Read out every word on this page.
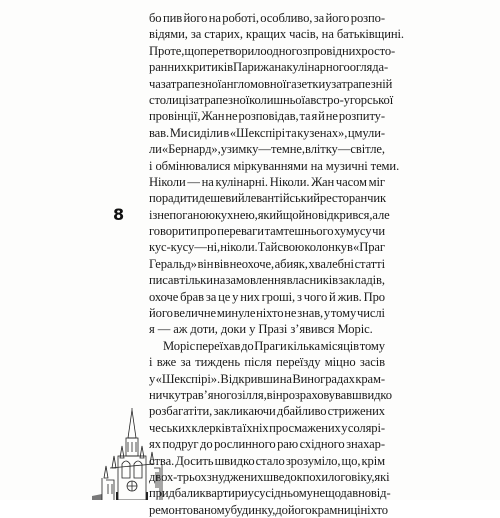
8
бо пив його на роботі, особливо, за його розпо-
відями, за старих, кращих часів, на батьківщині.
Про те, що перетворило одного з провідних росто-
ранних критиків Парижа на кулінарного огляда-
ча затрапезної англомовної газетки у затрапезній
столиці затрапезної колишньої австро-угорської
провінції, Жан не розповідав, та я й не розпиту-
вав. Ми сиділи в «Шекспірі та кузенах», цмули-
ли «Бернард», узимку — темне, влітку — світле,
і обмінювалися міркуваннями на музичні теми.
Ніколи — на кулінарні. Ніколи. Жан часом міг
порадити дешевий левантійський ресторанчик
із непоганою кухнею, який щойно відкрився, але
говорити про переваги тамтешнього хумусу чи
кус-кусу — ні, ніколи. Та й свою колонку в «Праг
Геральд» він вів неохоче, абияк, хвалебні статті
писав тільки на замовлення власників закладів,
охоче брав за це у них гроші, з чого й жив. Про
його величне минуле ніхто не знав, у тому числі
я — аж доти, доки у Празі з’явився Моріс.
Моріс переїхав до Праги кілька місяців тому
і вже за тиждень після переїзду міцно засів
у «Шекспірі». Відкривши на Виноградах крам-
ничку трав’яного зілля, він розраховував швидко
розбагатіти, закликаючи дбайливо стрижених
чеських клерків та їхніх просмажених у солярі-
ях подруг до рослинного раю східного знахар-
ства. Досить швидко стало зрозуміло, що, крім
двох-трьох знуджених шведок похилого віку, які
придбали квартири у сусідньому нещодавно від-
ремонтованому будинку, до його крамниці ніхто
